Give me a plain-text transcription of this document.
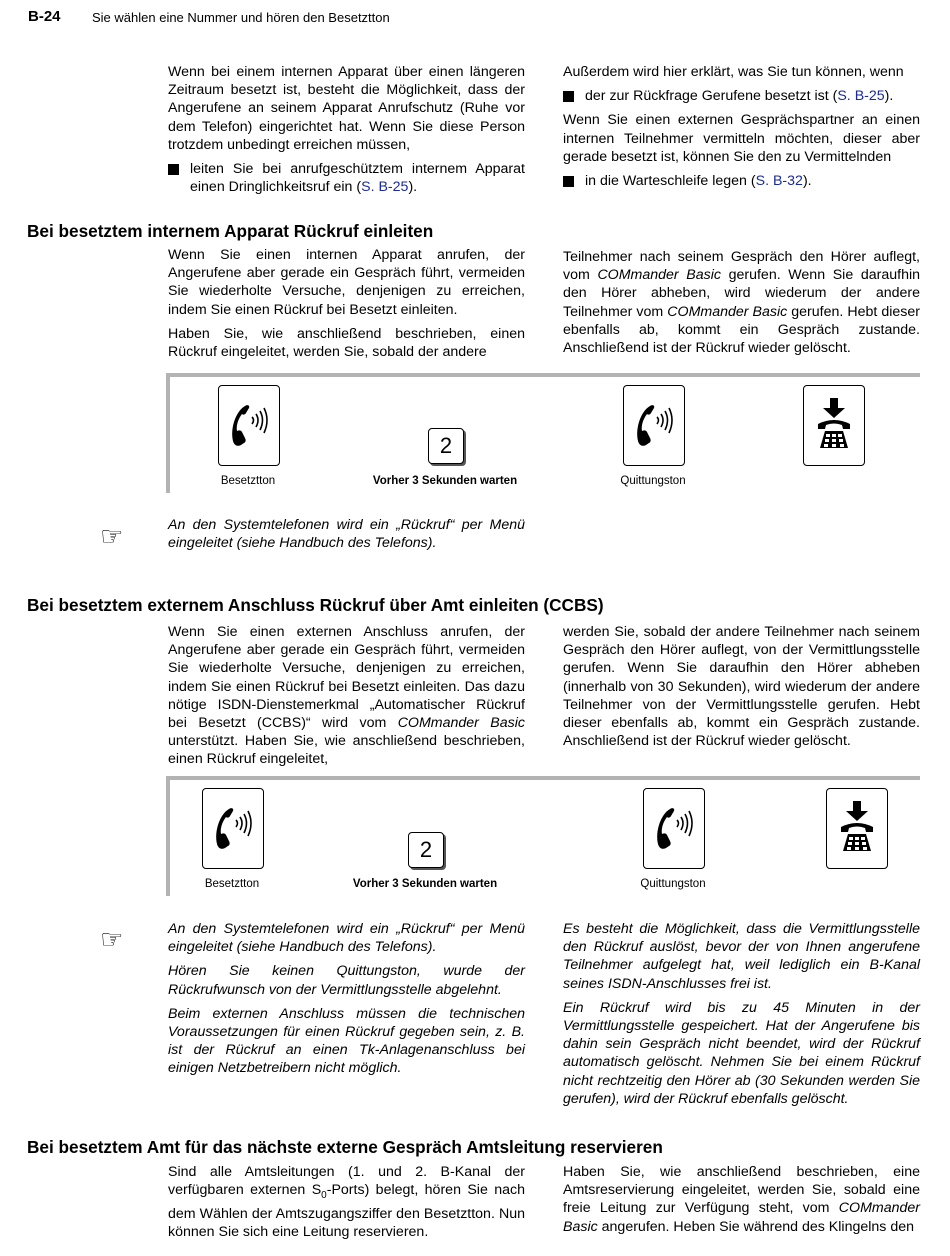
B-24 Sie wählen eine Nummer und hören den Besetztton

Wenn bei einem internen Apparat über einen längeren Zeitraum besetzt ist, besteht die Möglichkeit, dass der Angerufene an seinem Apparat Anrufschutz (Ruhe vor dem Telefon) eingerichtet hat. Wenn Sie diese Person trotzdem unbedingt erreichen müssen,

leiten Sie bei anrufgeschütztem internem Apparat einen Dringlichkeitsruf ein (S. B-25).

Außerdem wird hier erklärt, was Sie tun können, wenn

der zur Rückfrage Gerufene besetzt ist (S. B-25).

Wenn Sie einen externen Gesprächspartner an einen internen Teilnehmer vermitteln möchten, dieser aber gerade besetzt ist, können Sie den zu Vermittelnden

in die Warteschleife legen (S. B-32).

Bei besetztem internem Apparat Rückruf einleiten

Wenn Sie einen internen Apparat anrufen, der Angerufene aber gerade ein Gespräch führt, vermeiden Sie wiederholte Versuche, denjenigen zu erreichen, indem Sie einen Rückruf bei Besetzt einleiten.

Haben Sie, wie anschließend beschrieben, einen Rückruf eingeleitet, werden Sie, sobald der andere

Teilnehmer nach seinem Gespräch den Hörer auflegt, vom COMmander Basic gerufen. Wenn Sie daraufhin den Hörer abheben, wird wiederum der andere Teilnehmer vom COMmander Basic gerufen. Hebt dieser ebenfalls ab, kommt ein Gespräch zustande. Anschließend ist der Rückruf wieder gelöscht.

Besetztton
2
Vorher 3 Sekunden warten	Quittungston
☞	An den Systemtelefonen wird ein „Rückruf“ per Menü eingeleitet (siehe Handbuch des Telefons).

Bei besetztem externem Anschluss Rückruf über Amt einleiten (CCBS)

Wenn Sie einen externen Anschluss anrufen, der Angerufene aber gerade ein Gespräch führt, vermeiden Sie wiederholte Versuche, denjenigen zu erreichen, indem Sie einen Rückruf bei Besetzt einleiten. Das dazu nötige ISDN-Dienstemerkmal „Automatischer Rückruf bei Besetzt (CCBS)“ wird vom COMmander Basic unterstützt. Haben Sie, wie anschließend beschrieben, einen Rückruf eingeleitet,

werden Sie, sobald der andere Teilnehmer nach seinem Gespräch den Hörer auflegt, von der Vermittlungsstelle gerufen. Wenn Sie daraufhin den Hörer abheben (innerhalb von 30 Sekunden), wird wiederum der andere Teilnehmer von der Vermittlungsstelle gerufen. Hebt dieser ebenfalls ab, kommt ein Gespräch zustande. Anschließend ist der Rückruf wieder gelöscht.

Besetztton
2
Vorher 3 Sekunden warten	Quittungston
☞	An den Systemtelefonen wird ein „Rückruf“ per Menü eingeleitet (siehe Handbuch des Telefons).

Hören Sie keinen Quittungston, wurde der Rückrufwunsch von der Vermittlungsstelle abgelehnt.

Beim externen Anschluss müssen die technischen Voraussetzungen für einen Rückruf gegeben sein, z. B. ist der Rückruf an einen Tk-Anlagenanschluss bei einigen Netzbetreibern nicht möglich.

Es besteht die Möglichkeit, dass die Vermittlungsstelle den Rückruf auslöst, bevor der von Ihnen angerufene Teilnehmer aufgelegt hat, weil lediglich ein B-Kanal seines ISDN-Anschlusses frei ist.

Ein Rückruf wird bis zu 45 Minuten in der Vermittlungsstelle gespeichert. Hat der Angerufene bis dahin sein Gespräch nicht beendet, wird der Rückruf automatisch gelöscht. Nehmen Sie bei einem Rückruf nicht rechtzeitig den Hörer ab (30 Sekunden werden Sie gerufen), wird der Rückruf ebenfalls gelöscht.

Bei besetztem Amt für das nächste externe Gespräch Amtsleitung reservieren

Sind alle Amtsleitungen (1. und 2. B-Kanal der verfügbaren externen $S_0-Ports$) belegt, hören Sie nach dem Wählen der Amtszugangsziffer den Besetztton. Nun können Sie sich eine Leitung reservieren.

Haben Sie, wie anschließend beschrieben, eine Amtsreservierung eingeleitet, werden Sie, sobald eine freie Leitung zur Verfügung steht, vom COMmander Basic angerufen. Heben Sie während des Klingelns den
